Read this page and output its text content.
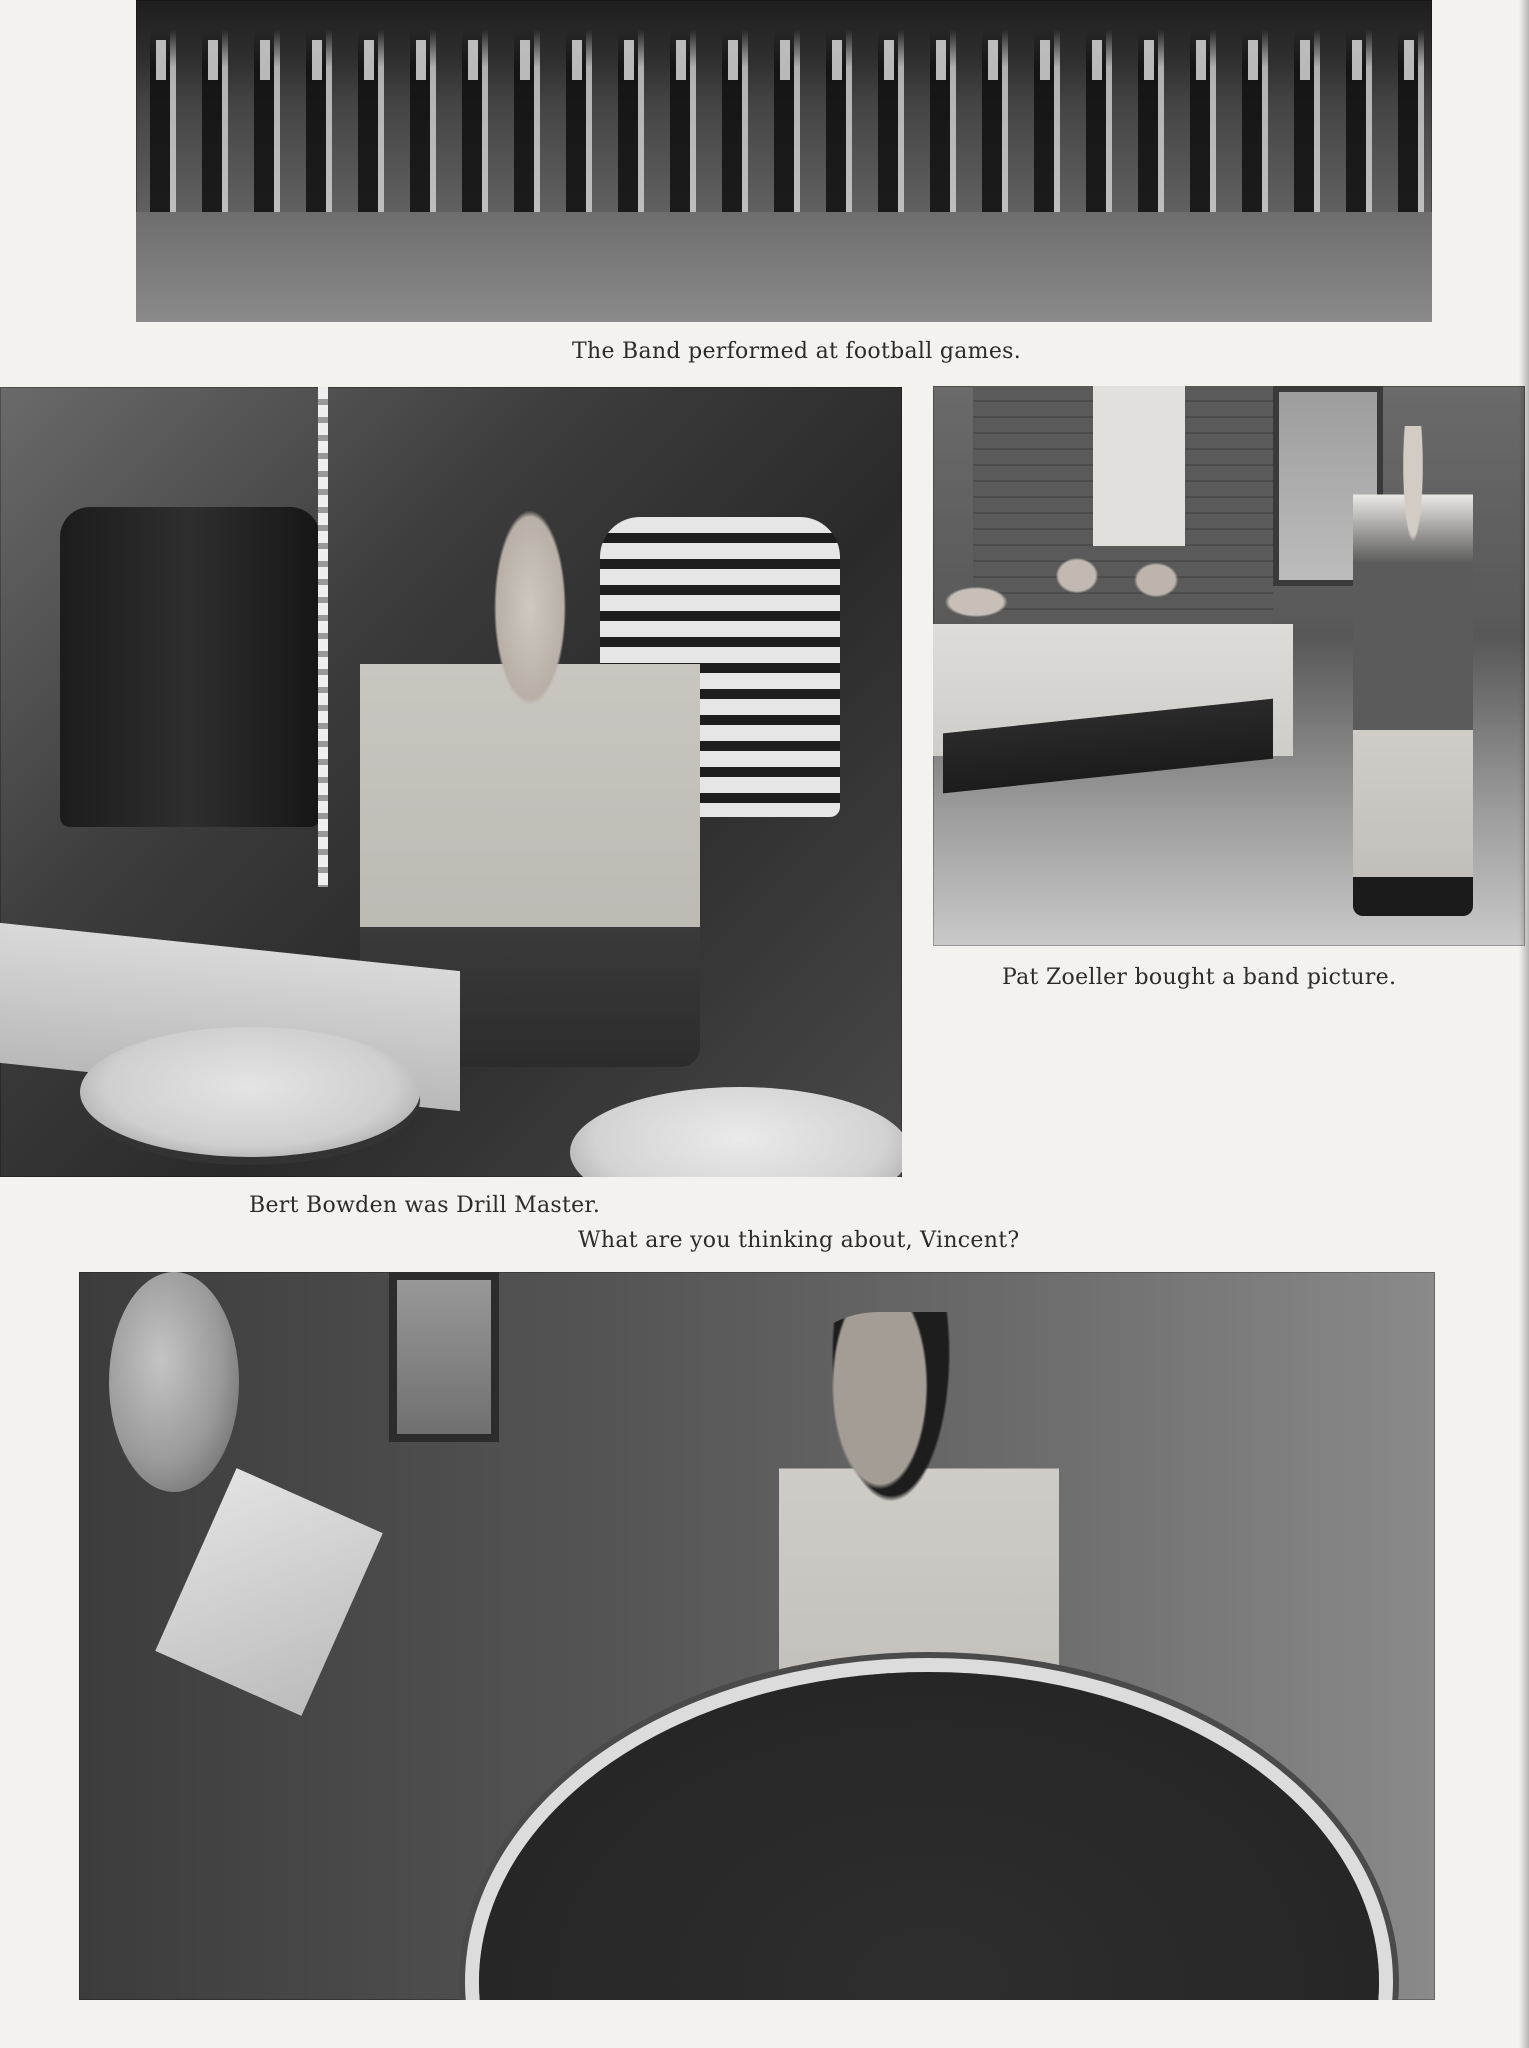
The Band performed at football games.
Pat Zoeller bought a band picture.
Bert Bowden was Drill Master.
What are you thinking about, Vincent?
